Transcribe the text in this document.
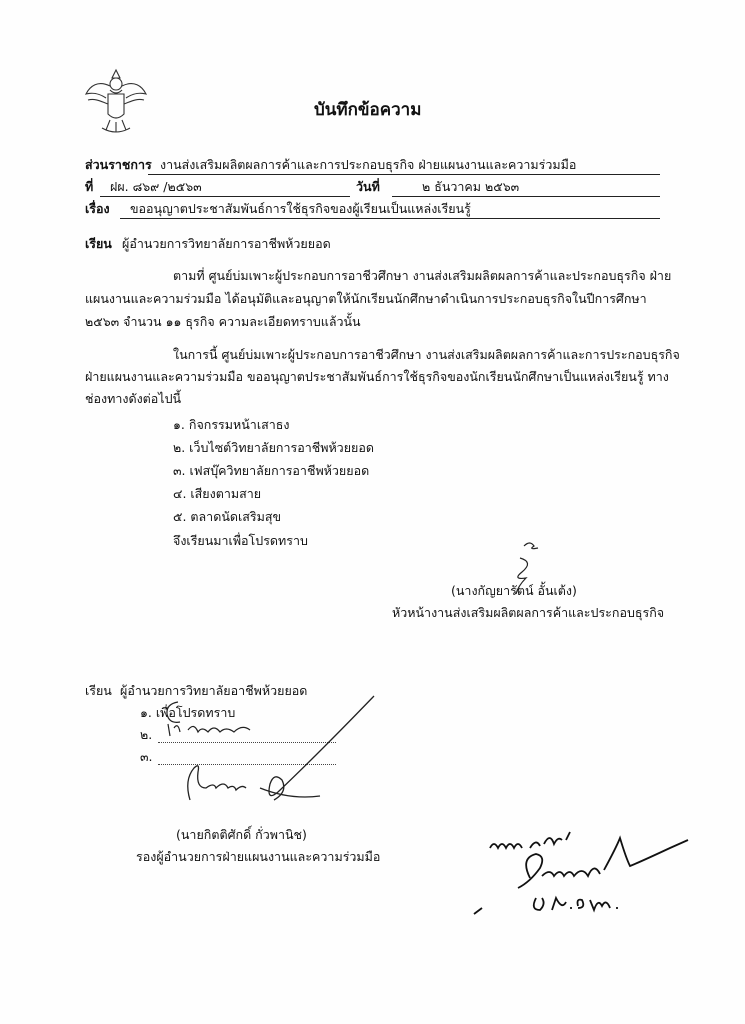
บันทึกข้อความ
ส่วนราชการ งานส่งเสริมผลิตผลการค้าและการประกอบธุรกิจ ฝ่ายแผนงานและความร่วมมือ
ที่ ฝผ. ๘๖๙ /๒๕๖๓	วันที่	๒ ธันวาคม ๒๕๖๓
เรื่อง ขออนุญาตประชาสัมพันธ์การใช้ธุรกิจของผู้เรียนเป็นแหล่งเรียนรู้
เรียน ผู้อำนวยการวิทยาลัยการอาชีพห้วยยอด
ตามที่ ศูนย์บ่มเพาะผู้ประกอบการอาชีวศึกษา งานส่งเสริมผลิตผลการค้าและประกอบธุรกิจ ฝ่าย
แผนงานและความร่วมมือ ได้อนุมัติและอนุญาตให้นักเรียนนักศึกษาดำเนินการประกอบธุรกิจในปีการศึกษา
๒๕๖๓ จำนวน ๑๑ ธุรกิจ ความละเอียดทราบแล้วนั้น
ในการนี้ ศูนย์บ่มเพาะผู้ประกอบการอาชีวศึกษา งานส่งเสริมผลิตผลการค้าและการประกอบธุรกิจ
ฝ่ายแผนงานและความร่วมมือ ขออนุญาตประชาสัมพันธ์การใช้ธุรกิจของนักเรียนนักศึกษาเป็นแหล่งเรียนรู้ ทาง
ช่องทางดังต่อไปนี้
๑. กิจกรรมหน้าเสาธง
๒. เว็บไซต์วิทยาลัยการอาชีพห้วยยอด
๓. เฟสบุ๊ควิทยาลัยการอาชีพห้วยยอด
๔. เสียงตามสาย
๕. ตลาดนัดเสริมสุข
จึงเรียนมาเพื่อโปรดทราบ
(นางกัญยารัตน์ อั้นเต้ง)
หัวหน้างานส่งเสริมผลิตผลการค้าและประกอบธุรกิจ
เรียน ผู้อำนวยการวิทยาลัยอาชีพห้วยยอด
๑. เพื่อโปรดทราบ
๒.
๓.
(นายกิตติศักดิ์ กั่วพานิช)
รองผู้อำนวยการฝ่ายแผนงานและความร่วมมือ
